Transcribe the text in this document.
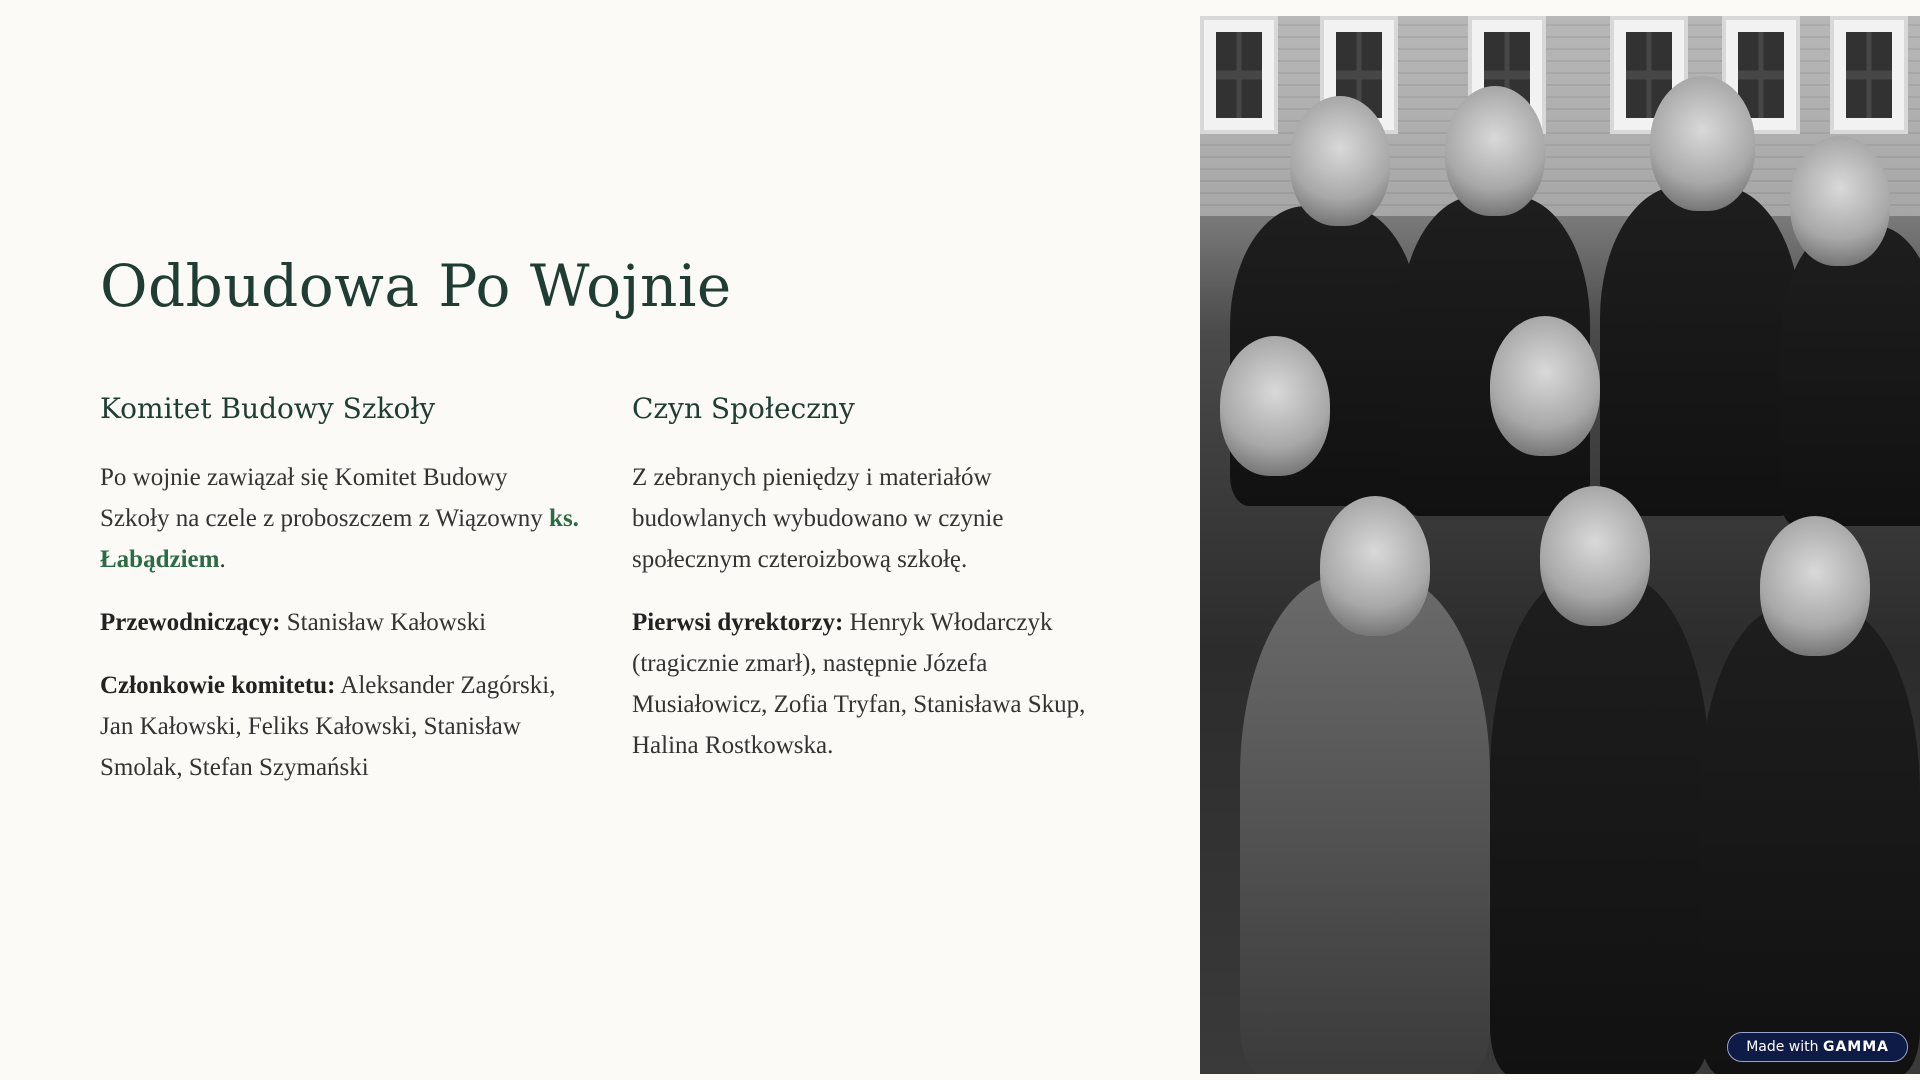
Odbudowa Po Wojnie
Komitet Budowy Szkoły

Po wojnie zawiązał się Komitet Budowy Szkoły na czele z proboszczem z Wiązowny ks. Łabądziem.

Przewodniczący: Stanisław Kałowski

Członkowie komitetu: Aleksander Zagórski, Jan Kałowski, Feliks Kałowski, Stanisław Smolak, Stefan Szymański

Czyn Społeczny

Z zebranych pieniędzy i materiałów budowlanych wybudowano w czynie społecznym czteroizbową szkołę.

Pierwsi dyrektorzy: Henryk Włodarczyk (tragicznie zmarł), następnie Józefa Musiałowicz, Zofia Tryfan, Stanisława Skup, Halina Rostkowska.

Made with GAMMA
